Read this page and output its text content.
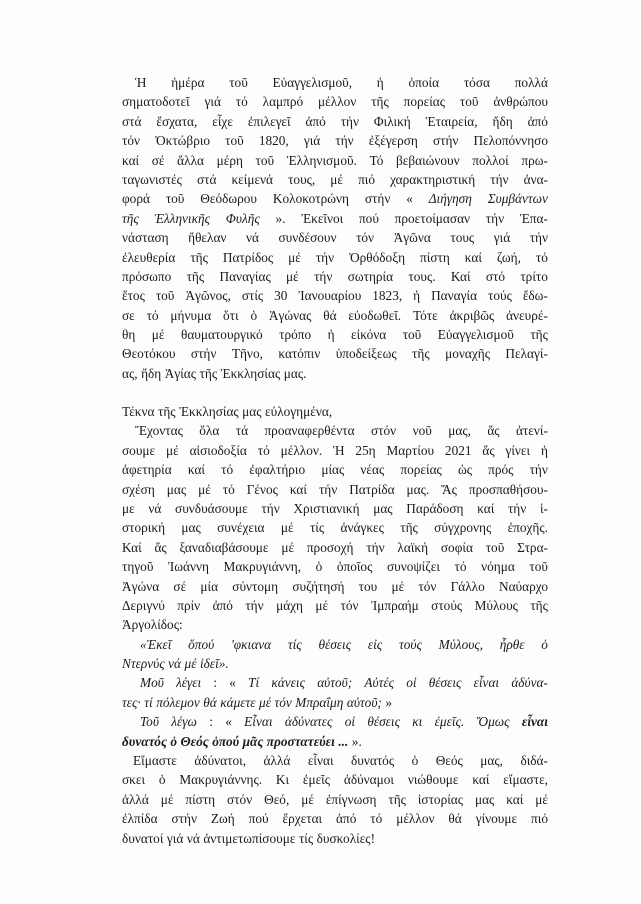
Ἡ ἡμέρα τοῦ Εὐαγγελισμοῦ, ἡ ὁποία τόσα πολλά
σηματοδοτεῖ γιά τό λαμπρό μέλλον τῆς πορείας τοῦ ἀνθρώπου
στά ἔσχατα, εἶχε ἐπιλεγεῖ ἀπό τήν Φιλική Ἑταιρεία, ἤδη ἀπό
τόν Ὀκτώβριο τοῦ 1820, γιά τήν ἐξέγερση στήν Πελοπόννησο
καί σέ ἄλλα μέρη τοῦ Ἑλληνισμοῦ. Τό βεβαιώνουν πολλοί πρω-
ταγωνιστές στά κείμενά τους, μέ πιό χαρακτηριστική τήν ἀνα-
φορά τοῦ Θεόδωρου Κολοκοτρώνη στήν « Διήγηση Συμβάντων
τῆς Ἑλληνικῆς Φυλῆς ». Ἐκεῖνοι πού προετοίμασαν τήν Ἐπα-
νάσταση ἤθελαν νά συνδέσουν τόν Ἀγῶνα τους γιά τήν
ἐλευθερία τῆς Πατρίδος μέ τήν Ὀρθόδοξη πίστη καί ζωή, τό
πρόσωπο τῆς Παναγίας μέ τήν σωτηρία τους. Καί στό τρίτο
ἔτος τοῦ Ἀγῶνος, στίς 30 Ἰανουαρίου 1823, ἡ Παναγία τούς ἔδω-
σε τό μήνυμα ὅτι ὁ Ἀγώνας θά εὐοδωθεῖ. Τότε ἀκριβῶς ἀνευρέ-
θη μέ θαυματουργικό τρόπο ἡ εἰκόνα τοῦ Εὐαγγελισμοῦ τῆς
Θεοτόκου στήν Τῆνο, κατόπιν ὑποδείξεως τῆς μοναχῆς Πελαγί-
ας, ἤδη Ἁγίας τῆς Ἐκκλησίας μας.
Τέκνα τῆς Ἐκκλησίας μας εὐλογημένα,
Ἔχοντας ὅλα τά προαναφερθέντα στόν νοῦ μας, ἄς ἀτενί-
σουμε μέ αἰσιοδοξία τό μέλλον. Ἡ 25η Μαρτίου 2021 ἄς γίνει ἡ
ἀφετηρία καί τό ἐφαλτήριο μίας νέας πορείας ὡς πρός τήν
σχέση μας μέ τό Γένος καί τήν Πατρίδα μας. Ἄς προσπαθήσου-
με νά συνδυάσουμε τήν Χριστιανική μας Παράδοση καί τήν ἱ-
στορική μας συνέχεια μέ τίς ἀνάγκες τῆς σύγχρονης ἐποχῆς.
Καί ἄς ξαναδιαβάσουμε μέ προσοχή τήν λαϊκή σοφία τοῦ Στρα-
τηγοῦ Ἰωάννη Μακρυγιάννη, ὁ ὁποῖος συνοψίζει τό νόημα τοῦ
Ἀγώνα σέ μία σύντομη συζήτησή του μέ τόν Γάλλο Ναύαρχο
Δεριγνύ πρίν ἀπό τήν μάχη μέ τόν Ἰμπραήμ στούς Μύλους τῆς
Ἀργολίδος:
«Ἐκεῖ ὅπού 'φκιανα τίς θέσεις εἰς τούς Μύλους, ἦρθε ὁ
Ντερνύς νά μέ ἰδεῖ».
Μοῦ λέγει : « Τί κάνεις αὐτοῦ; Αὐτές οἱ θέσεις εἶναι ἀδύνα-
τες· τί πόλεμον θά κάμετε μέ τόν Μπραΐμη αὐτοῦ; »
Τοῦ λέγω : « Εἶναι ἀδύνατες οἱ θέσεις κι ἐμεῖς. Ὅμως εἶναι
δυνατός ὁ Θεός ὁπού μᾶς προστατεύει ... ».
Εἴμαστε ἀδύνατοι, ἀλλά εἶναι δυνατός ὁ Θεός μας, διδά-
σκει ὁ Μακρυγιάννης. Κι ἐμεῖς ἀδύναμοι νιώθουμε καί εἴμαστε,
ἀλλά μέ πίστη στόν Θεό, μέ ἐπίγνωση τῆς ἱστορίας μας καί μέ
ἐλπίδα στήν Ζωή πού ἔρχεται ἀπό τό μέλλον θά γίνουμε πιό
δυνατοί γιά νά ἀντιμετωπίσουμε τίς δυσκολίες!
